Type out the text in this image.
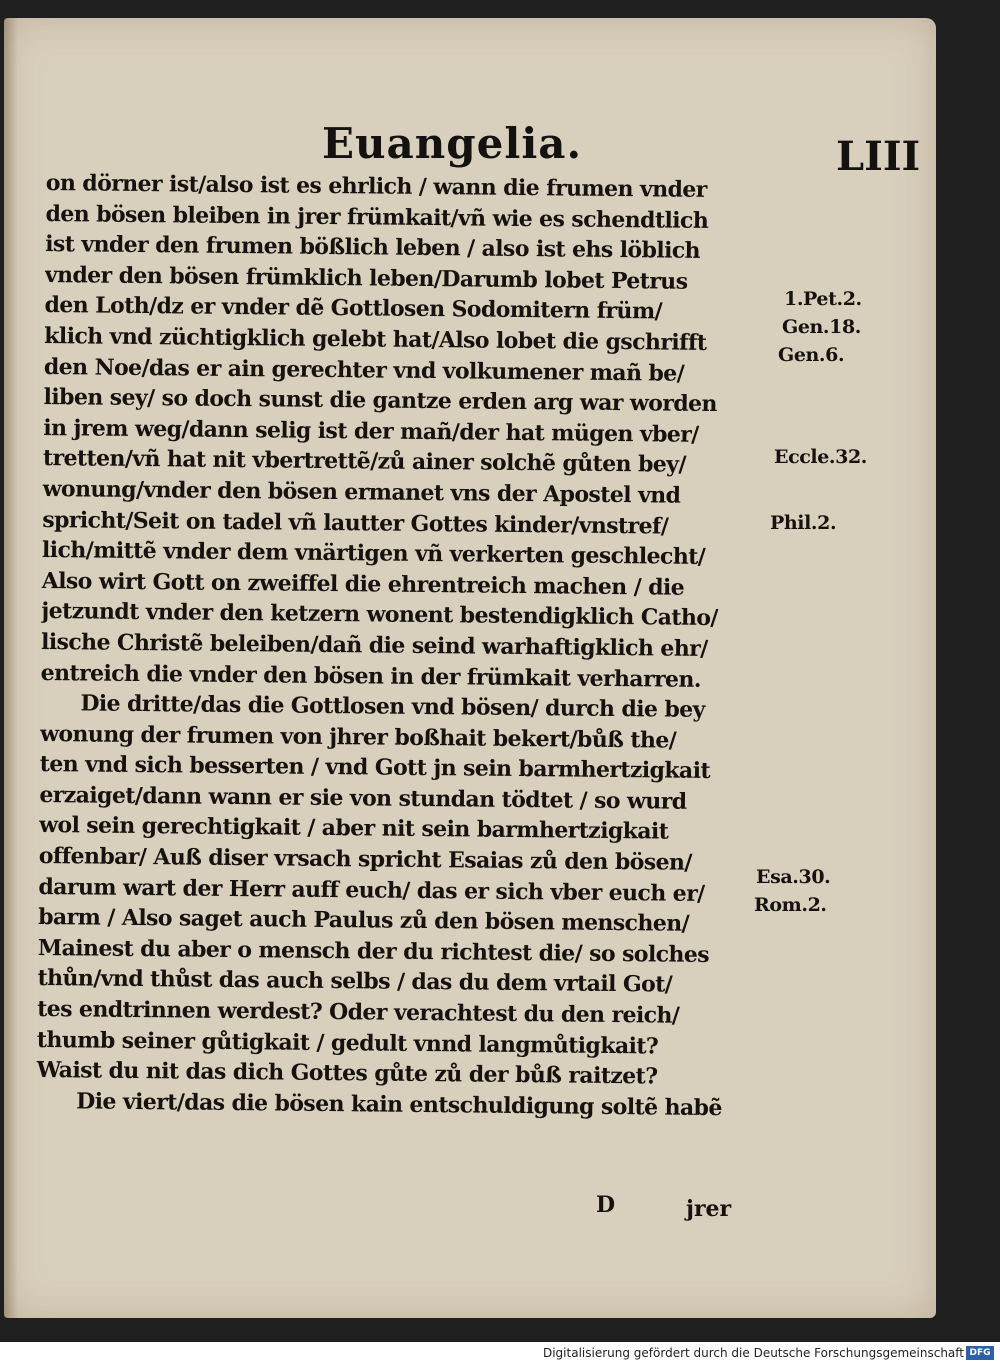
Euangelia.	LIII
on dörner ist/also ist es ehrlich / wann die frumen vnder
den bösen bleiben in jrer frümkait/vñ wie es schendtlich
ist vnder den frumen bößlich leben / also ist ehs löblich
vnder den bösen frümklich leben/Darumb lobet Petrus
den Loth/dz er vnder dẽ Gottlosen Sodomitern früm/
klich vnd züchtigklich gelebt hat/Also lobet die gschrifft
den Noe/das er ain gerechter vnd volkumener mañ be/
liben sey/ so doch sunst die gantze erden arg war worden
in jrem weg/dann selig ist der mañ/der hat mügen vber/
tretten/vñ hat nit vbertrettẽ/zů ainer solchẽ gůten bey/
wonung/vnder den bösen ermanet vns der Apostel vnd
spricht/Seit on tadel vñ lautter Gottes kinder/vnstref/
lich/mittẽ vnder dem vnärtigen vñ verkerten geschlecht/
Also wirt Gott on zweiffel die ehrentreich machen / die
jetzundt vnder den ketzern wonent bestendigklich Catho/
lische Christẽ beleiben/dañ die seind warhaftigklich ehr/
entreich die vnder den bösen in der frümkait verharren.
Die dritte/das die Gottlosen vnd bösen/ durch die bey
wonung der frumen von jhrer boßhait bekert/bůß the/
ten vnd sich besserten / vnd Gott jn sein barmhertzigkait
erzaiget/dann wann er sie von stundan tödtet / so wurd
wol sein gerechtigkait / aber nit sein barmhertzigkait
offenbar/ Auß diser vrsach spricht Esaias zů den bösen/
darum wart der Herr auff euch/ das er sich vber euch er/
barm / Also saget auch Paulus zů den bösen menschen/
Mainest du aber o mensch der du richtest die/ so solches
thůn/vnd thůst das auch selbs / das du dem vrtail Got/
tes endtrinnen werdest? Oder verachtest du den reich/
thumb seiner gůtigkait / gedult vnnd langmůtigkait?
Waist du nit das dich Gottes gůte zů der bůß raitzet?
Die viert/das die bösen kain entschuldigung soltẽ habẽ
1.Pet.2.
Gen.18.
Gen.6.
Eccle.32.
Phil.2.
Esa.30.
Rom.2.
D	jrer
Digitalisierung gefördert durch die Deutsche Forschungsgemeinschaft DFG
